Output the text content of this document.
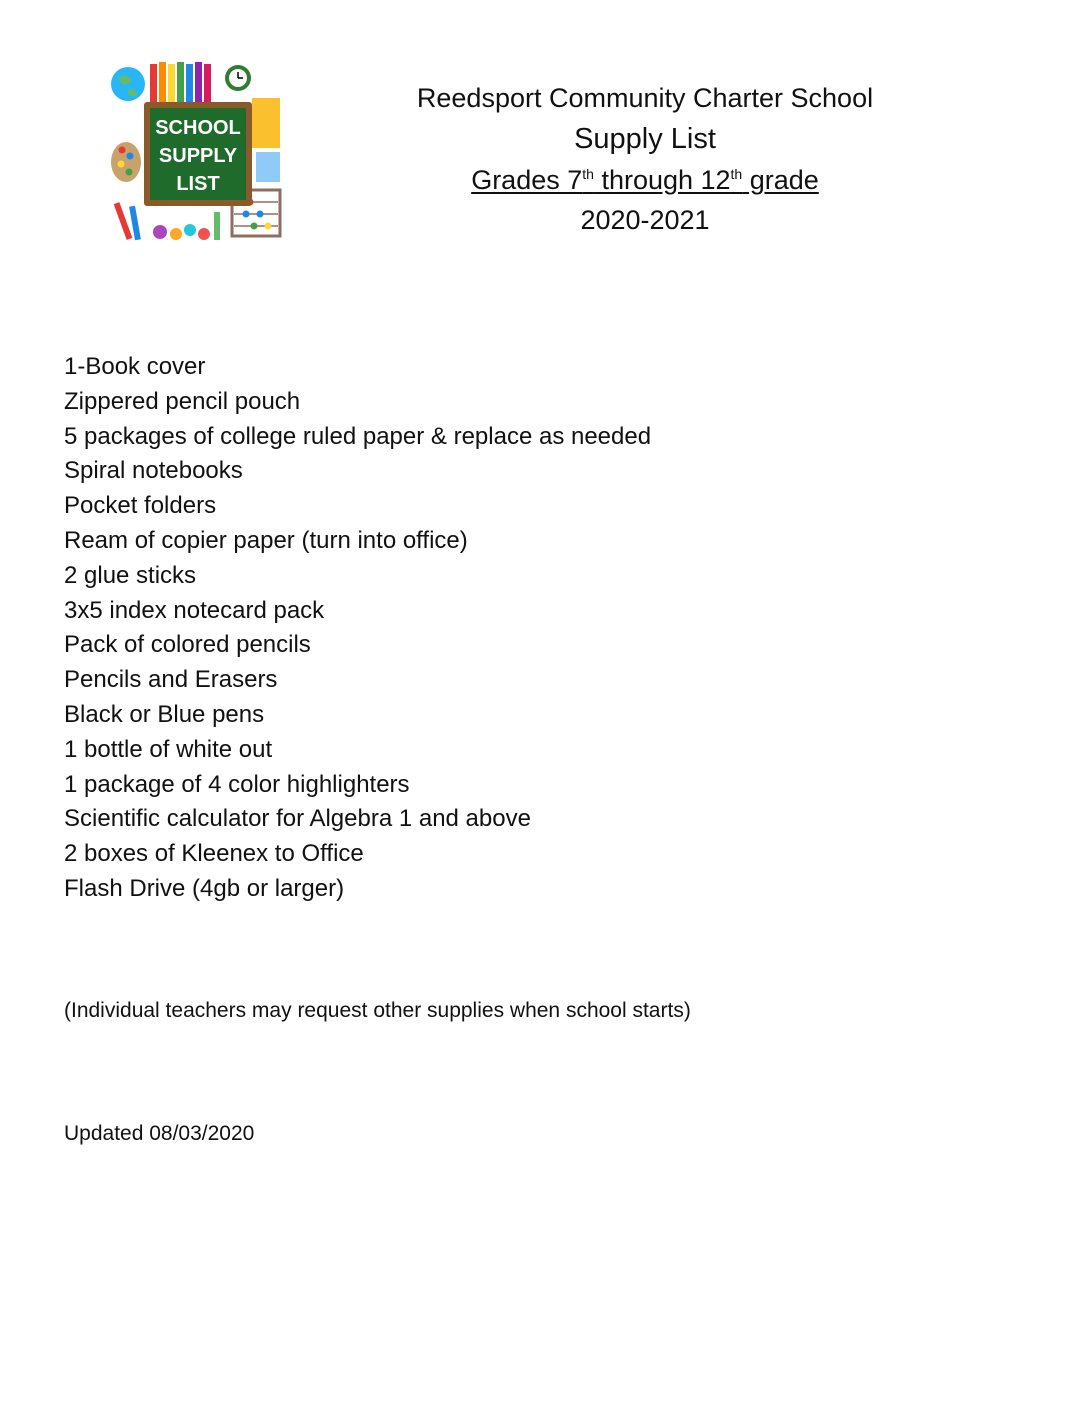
SCHOOL
SUPPLY
LIST
Reedsport Community Charter School
Supply List
Grades 7th through 12th grade
2020-2021
1-Book cover
Zippered pencil pouch
5 packages of college ruled paper & replace as needed
Spiral notebooks
Pocket folders
Ream of copier paper (turn into office)
2 glue sticks
3x5 index notecard pack
Pack of colored pencils
Pencils and Erasers
Black or Blue pens
1 bottle of white out
1 package of 4 color highlighters
Scientific calculator for Algebra 1 and above
2 boxes of Kleenex to Office
Flash Drive (4gb or larger)
(Individual teachers may request other supplies when school starts)
Updated 08/03/2020
